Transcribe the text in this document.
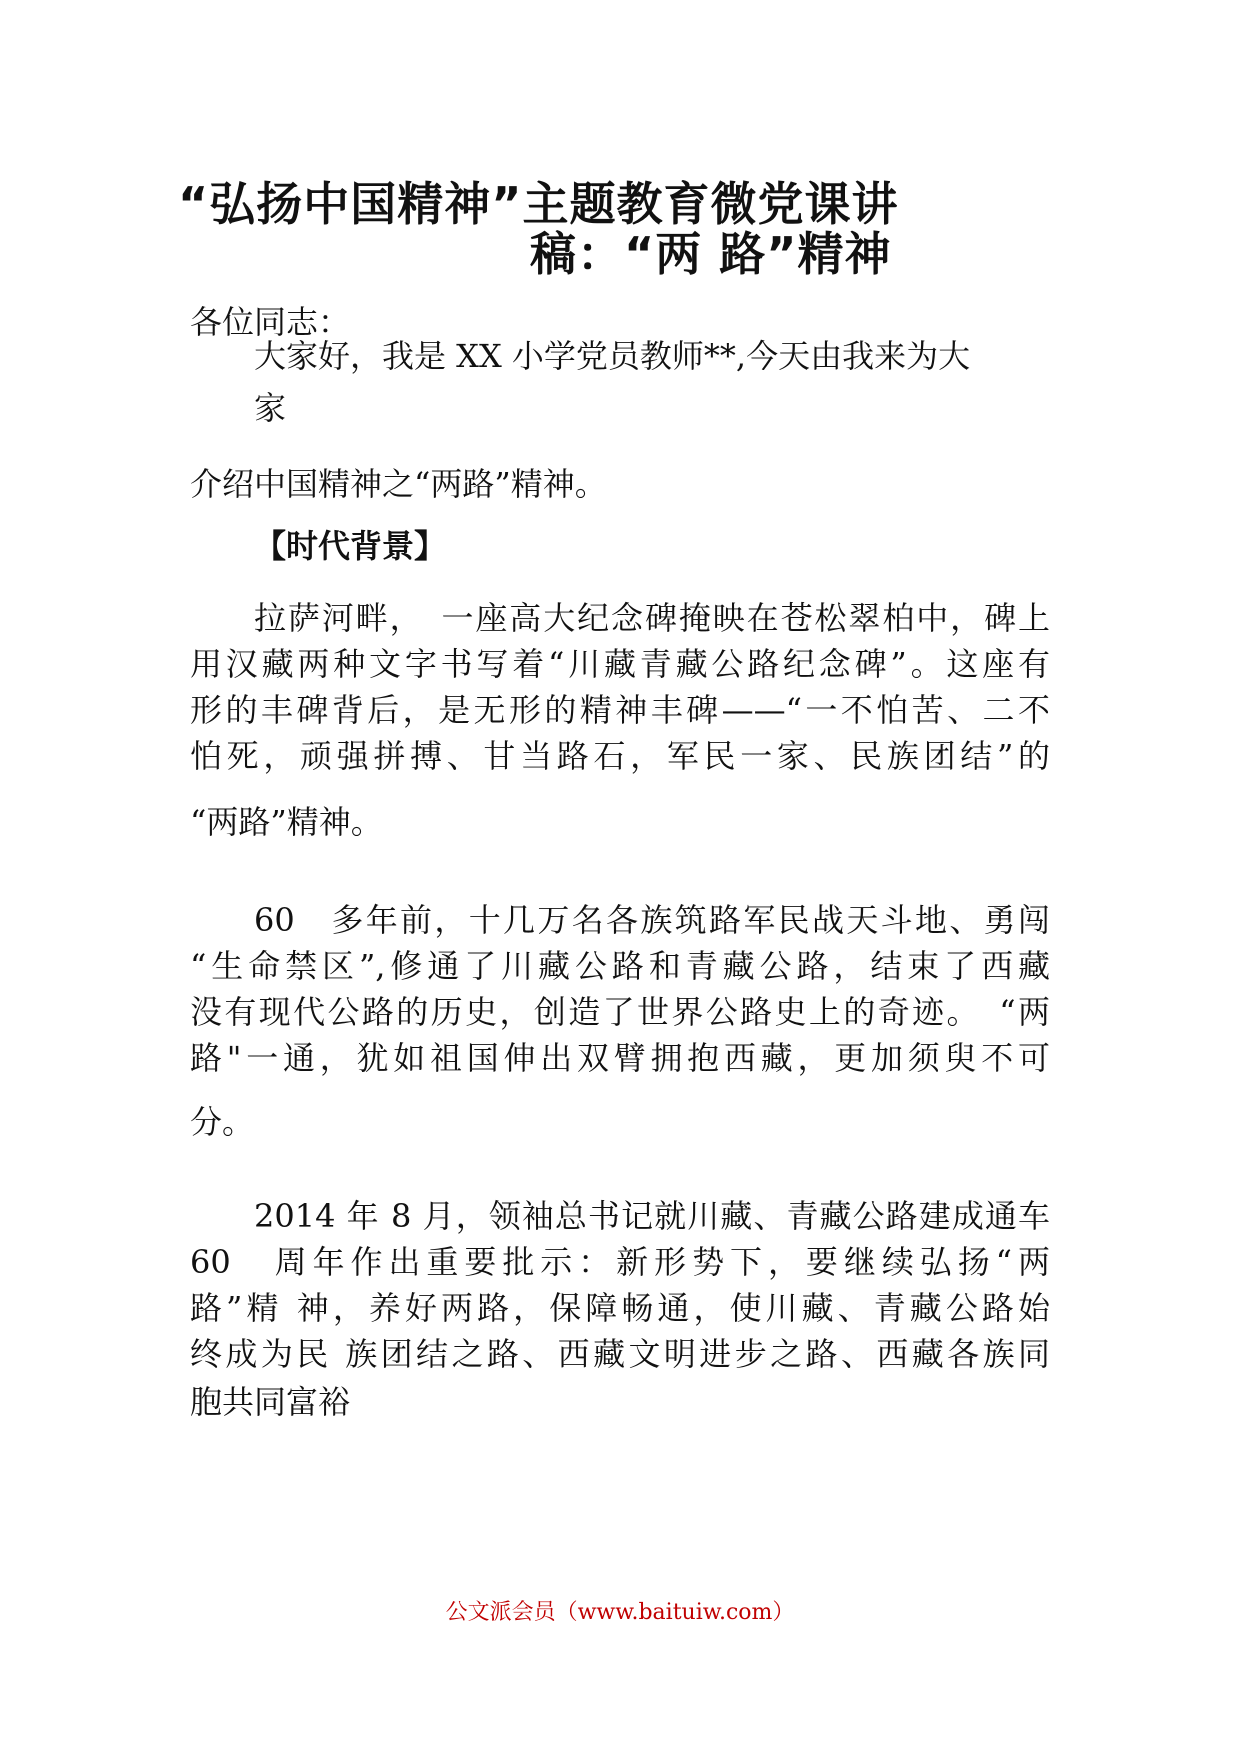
“弘扬中国精神”主题教育微党课讲
稿：“两 路”精神
各位同志：
大家好，我是 XX 小学党员教师**,今天由我来为大
家
介绍中国精神之“两路”精神。
【时代背景】
拉萨河畔，　一座高大纪念碑掩映在苍松翠柏中，碑上
用汉藏两种文字书写着“川藏青藏公路纪念碑”。这座有
形的丰碑背后，是无形的精神丰碑——“一不怕苦、二不
怕死，顽强拼搏、甘当路石，军民一家、民族团结”的
“两路”精神。
60　多年前，十几万名各族筑路军民战天斗地、勇闯
“生命禁区”,修通了川藏公路和青藏公路，结束了西藏
没有现代公路的历史，创造了世界公路史上的奇迹。　“两
路"一通，犹如祖国伸出双臂拥抱西藏，更加须臾不可
分。
2014 年 8 月，领袖总书记就川藏、青藏公路建成通车
60　周年作出重要批示：新形势下，要继续弘扬“两
路”精 神，养好两路，保障畅通，使川藏、青藏公路始
终成为民 族团结之路、西藏文明进步之路、西藏各族同
胞共同富裕
公文派会员（www.baituiw.com）
